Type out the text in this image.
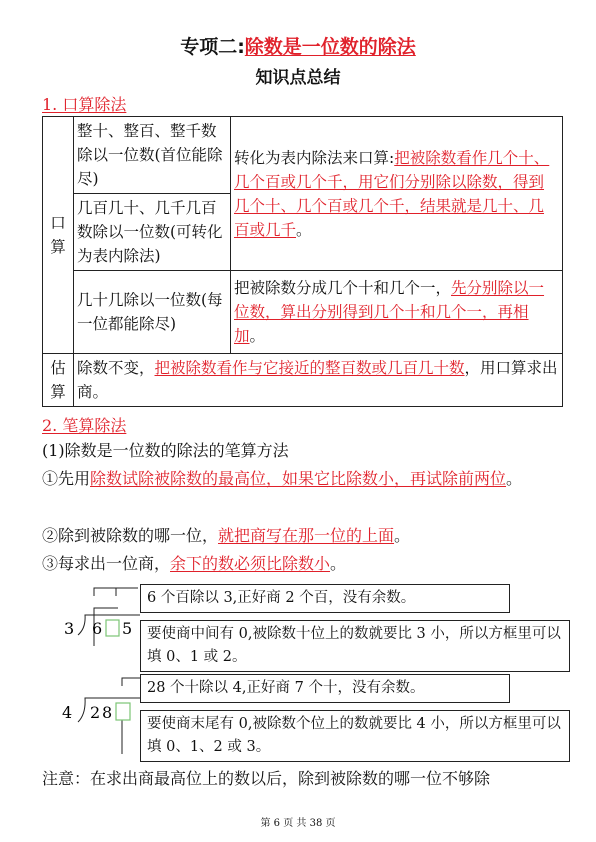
专项二:除数是一位数的除法
知识点总结
1. 口算除法
口算	整十、整百、整千数除以一位数(首位能除尽)	转化为表内除法来口算:把被除数看作几个十、几个百或几个千，用它们分别除以除数，得到几个十、几个百或几个千，结果就是几十、几百或几千。
	几百几十、几千几百数除以一位数(可转化为表内除法)	
	几十几除以一位数(每一位都能除尽)	把被除数分成几个十和几个一，先分别除以一位数，算出分别得到几个十和几个一，再相加。
估算	除数不变，把被除数看作与它接近的整百数或几百几十数，用口算求出商。	
2. 笔算除法
(1)除数是一位数的除法的笔算方法
①先用除数试除被除数的最高位，如果它比除数小，再试除前两位。
②除到被除数的哪一位，就把商写在那一位的上面。
③每求出一位商，余下的数必须比除数小。
3 6 5
6 个百除以 3,正好商 2 个百，没有余数。
要使商中间有 0,被除数十位上的数就要比 3 小，所以方框里可以填 0、1 或 2。
4 2 8
28 个十除以 4,正好商 7 个十，没有余数。
要使商末尾有 0,被除数个位上的数就要比 4 小，所以方框里可以填 0、1、2 或 3。
注意：在求出商最高位上的数以后，除到被除数的哪一位不够除
第 6 页 共 38 页
